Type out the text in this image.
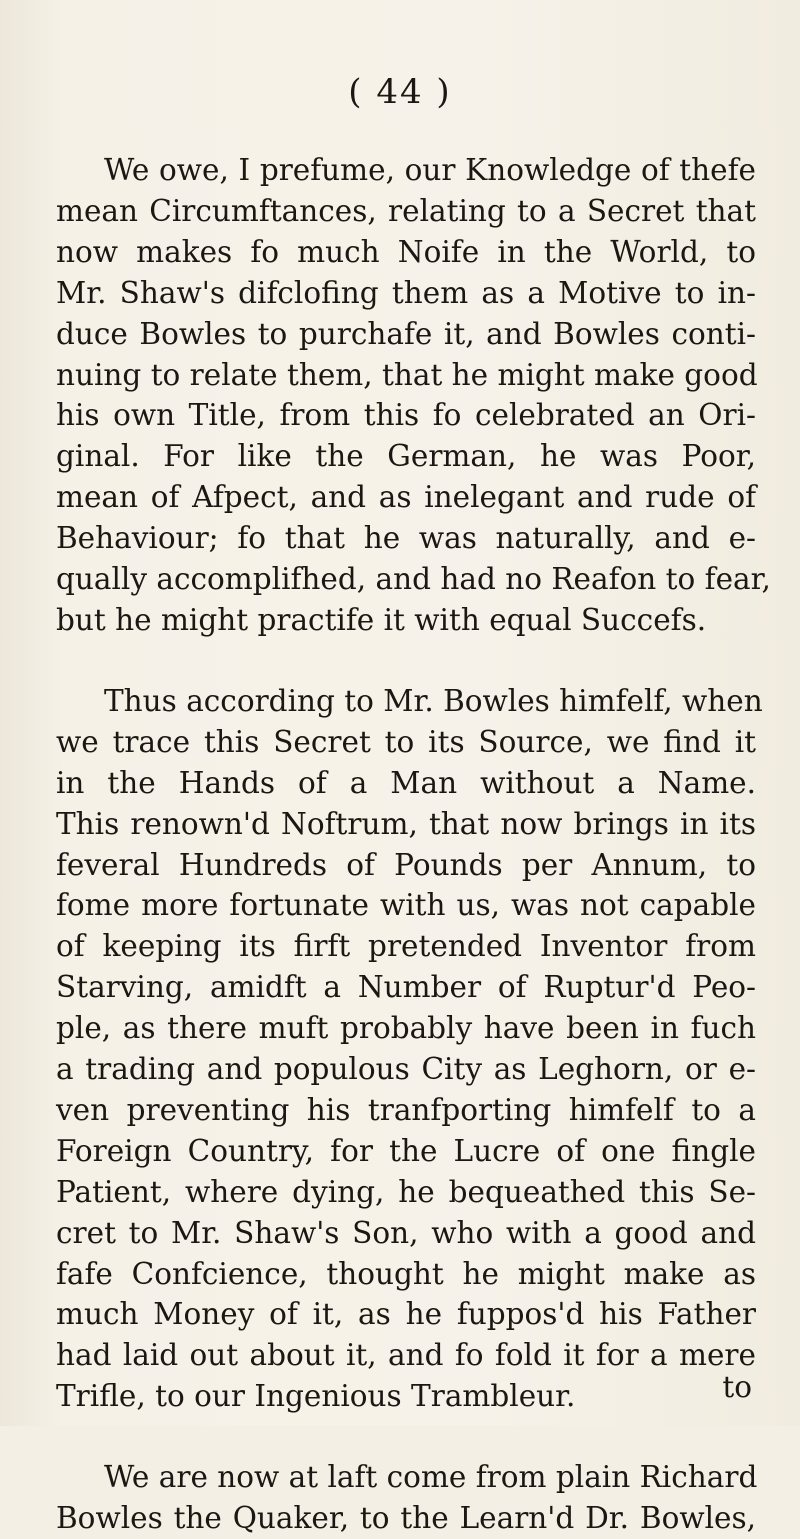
( 44 )
We owe, I prefume, our Knowledge of thefe
mean Circumftances, relating to a Secret that
now makes fo much Noife in the World, to
Mr. Shaw's difclofing them as a Motive to in-
duce Bowles to purchafe it, and Bowles conti-
nuing to relate them, that he might make good
his own Title, from this fo celebrated an Ori-
ginal. For like the German, he was Poor,
mean of Afpect, and as inelegant and rude of
Behaviour; fo that he was naturally, and e-
qually accomplifhed, and had no Reafon to fear,
but he might practife it with equal Succefs.
Thus according to Mr. Bowles himfelf, when
we trace this Secret to its Source, we find it
in the Hands of a Man without a Name.
This renown'd Noftrum, that now brings in its
feveral Hundreds of Pounds per Annum, to
fome more fortunate with us, was not capable
of keeping its firft pretended Inventor from
Starving, amidft a Number of Ruptur'd Peo-
ple, as there muft probably have been in fuch
a trading and populous City as Leghorn, or e-
ven preventing his tranfporting himfelf to a
Foreign Country, for the Lucre of one fingle
Patient, where dying, he bequeathed this Se-
cret to Mr. Shaw's Son, who with a good and
fafe Confcience, thought he might make as
much Money of it, as he fuppos'd his Father
had laid out about it, and fo fold it for a mere
Trifle, to our Ingenious Trambleur.
We are now at laft come from plain Richard
Bowles the Quaker, to the Learn'd Dr. Bowles,
to
